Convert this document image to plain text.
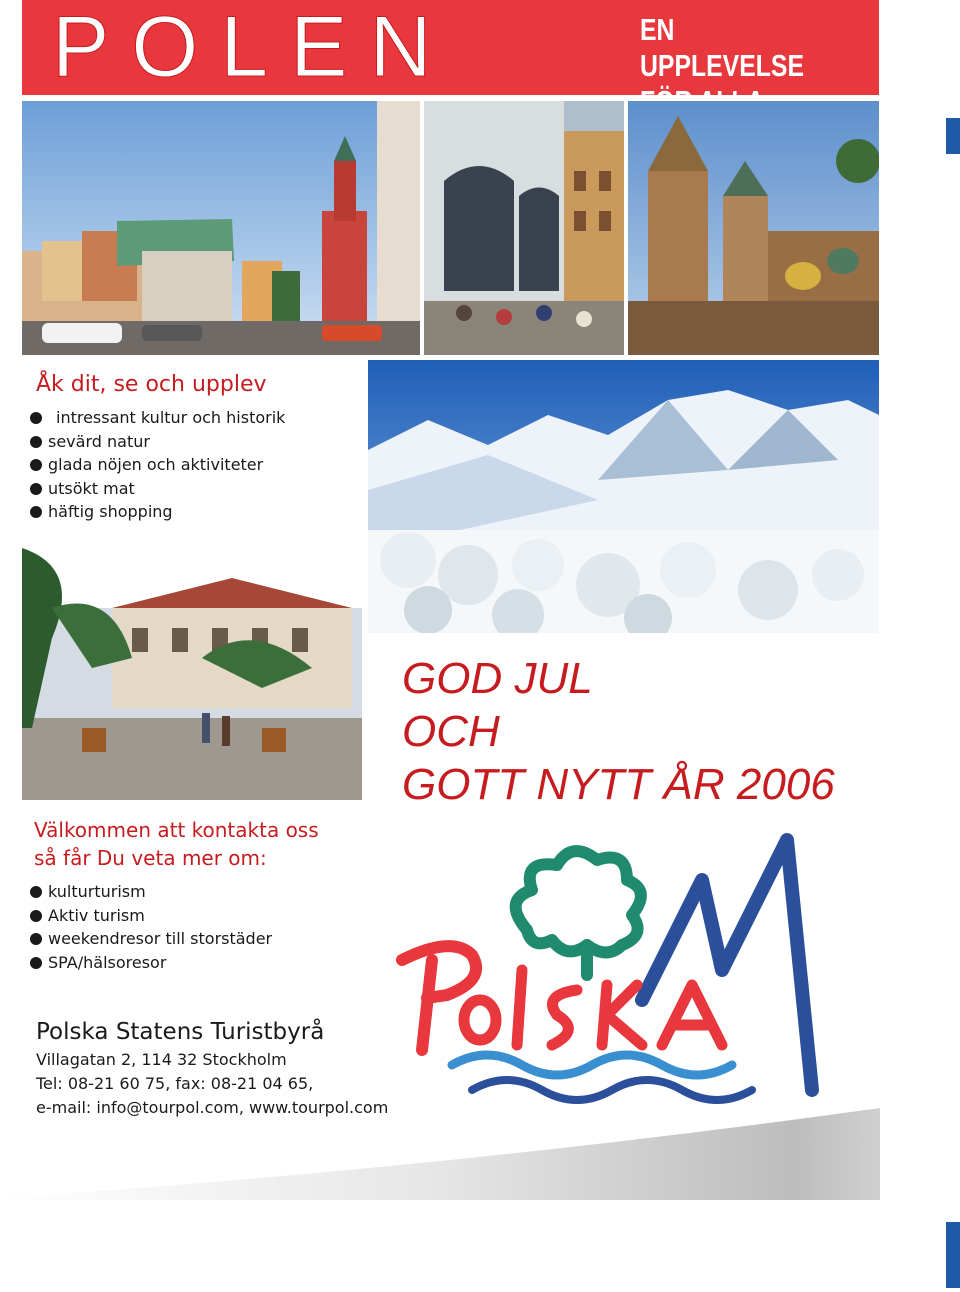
POLEN	EN UPPLEVELSE
Åk dit, se och upplev
intressant kultur och historik
sevärd natur
glada nöjen och aktiviteter
utsökt mat
häftig shopping
Välkommen att kontakta oss
så får Du veta mer om:
kulturturism
Aktiv turism
weekendresor till storstäder
SPA/hälsoresor
GOD JUL
OCH
GOTT NYTT ÅR 2006
Polska Statens Turistbyrå
Villagatan 2, 114 32 Stockholm
Tel: 08-21 60 75, fax: 08-21 04 65,
e-mail: info@tourpol.com, www.tourpol.com
